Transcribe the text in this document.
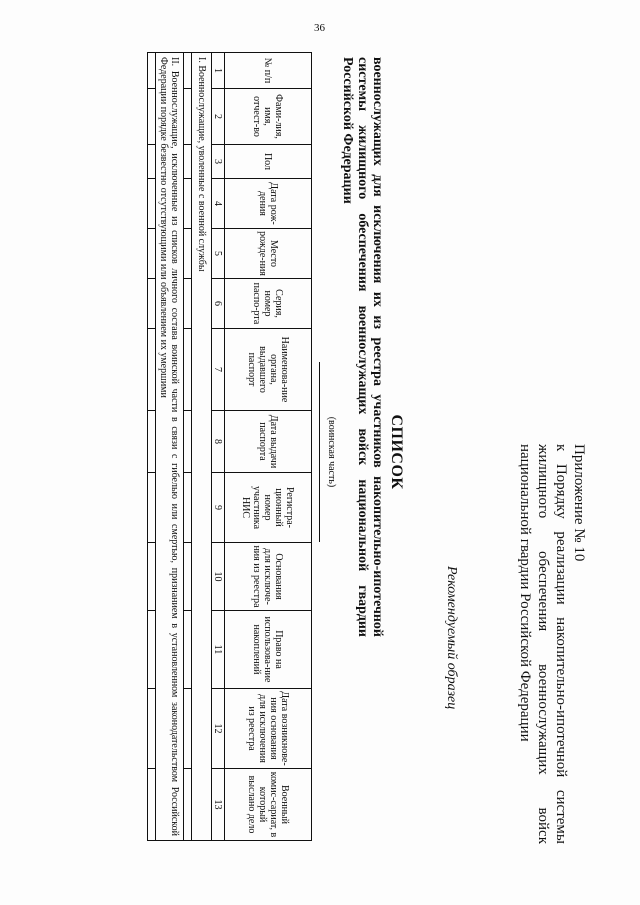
36
Приложение № 10
к Порядку реализации накопительно-ипотечной системы жилищного обеспечения военнослужащих войск национальной гвардии Российской Федерации
Рекомендуемый образец
СПИСОК
военнослужащих для исключения их из реестра участников накопительно-ипотечной системы жилищного обеспечения военнослужащих войск национальной гвардии Российской Федерации
(воинская часть)
№ п/п	Фами-лия, имя, отчест-во	Пол	Дата рож-дения	Место рожде-ния	Серия, номер паспо-рта	Наименова-ние органа, выдавшего паспорт	Дата выдачи паспорта	Регистра-ционный номер участника НИС	Основания для исключе-ния из реестра	Право на использова-ние накоплений	Дата возникнове-ния основания для исключения из реестра	Военный комис-сариат, в который выслано дело
1	2	3	4	5	6	7	8	9	10	11	12	13
I. Военнослужащие, уволенные с военной службы												

II. Военнослужащие, исключенные из списков личного состава воинской части в связи с гибелью или смертью, признанием в установленном законодательством Российской Федерации порядке безвестно отсутствующими или объявлением их умершими												
